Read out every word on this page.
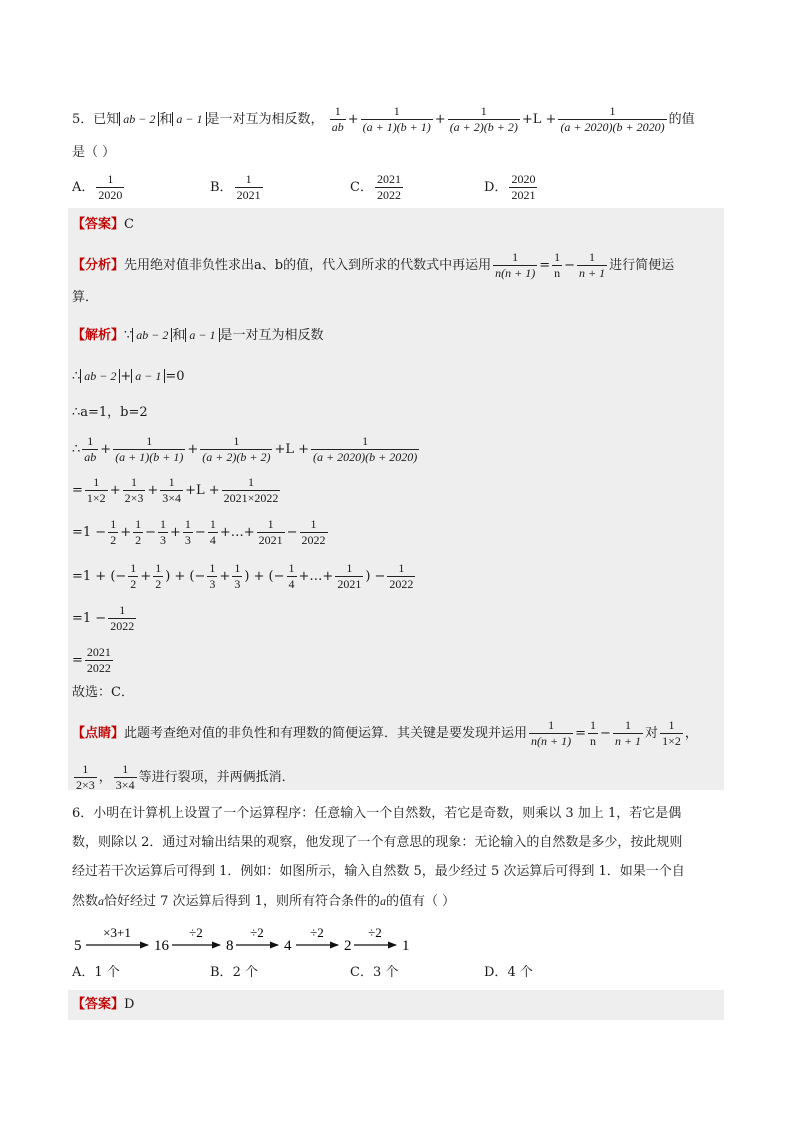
5．已知 ab − 2 和 a − 1 是一对互为相反数， $\frac{1}{ab} + \frac{1}{(a + 1)(b + 1)} + \frac{1}{(a + 2)(b + 2)} +L + \frac{1}{(a + 2020)(b + 2020)}$ 的值
是（ ）
A． $\frac{1}{2020}$	B． $\frac{1}{2021}$	C． $\frac{2021}{2022}$	D． $\frac{2020}{2021}$
【答案】C
【分析】先用绝对值非负性求出a、b的值，代入到所求的代数式中再运用 $\frac{1}{n(n + 1)} = \frac{1}{n} - \frac{1}{n + 1}$ 进行简便运
算．
【解析】∵ ab − 2 和 a − 1 是一对互为相反数
∴ ab − 2 + a − 1 =0
∴a=1，b=2
∴ $\frac{1}{ab} + \frac{1}{(a + 1)(b + 1)} + \frac{1}{(a + 2)(b + 2)} +L + \frac{1}{(a + 2020)(b + 2020)}$
= $\frac{1}{1\times 2} + \frac{1}{2\times 3} + \frac{1}{3\times 4} +L + \frac{1}{2021\times 2022}$
$=1 - \frac{1}{2} + \frac{1}{2} - \frac{1}{3} + \frac{1}{3} - \frac{1}{4}$ +…+ $\frac{1}{2021} - \frac{1}{2022}$
=1 + (− $\frac{1}{2} + \frac{1}{2}$ ) + (− $\frac{1}{3} + \frac{1}{3}$ ) + (− $\frac{1}{4}$ +…+ $\frac{1}{2021}$ ) − $\frac{1}{2022}$
$=1 - \frac{1}{2022}$
= $\frac{2021}{2022}$
故选：C．
【点睛】此题考查绝对值的非负性和有理数的简便运算．其关键是要发现并运用 $\frac{1}{n(n + 1)} = \frac{1}{n} - \frac{1}{n + 1}$ 对 $\frac{1}{1\times 2}$ ，
$\frac{1}{2\times 3}$ ， $\frac{1}{3\times 4}$ 等进行裂项，并两俩抵消．
6．小明在计算机上设置了一个运算程序：任意输入一个自然数，若它是奇数，则乘以 3 加上 1，若它是偶
数，则除以 2．通过对输出结果的观察，他发现了一个有意思的现象：无论输入的自然数是多少，按此规则
经过若干次运算后可得到 1．例如：如图所示，输入自然数 5，最少经过 5 次运算后可得到 1．如果一个自
然数a恰好经过 7 次运算后得到 1，则所有符合条件的a的值有（ ）
5	16	8	4	2	1
×3+1	÷2	÷2	÷2	÷2
A．1 个	B．2 个	C．3 个	D．4 个
【答案】D
